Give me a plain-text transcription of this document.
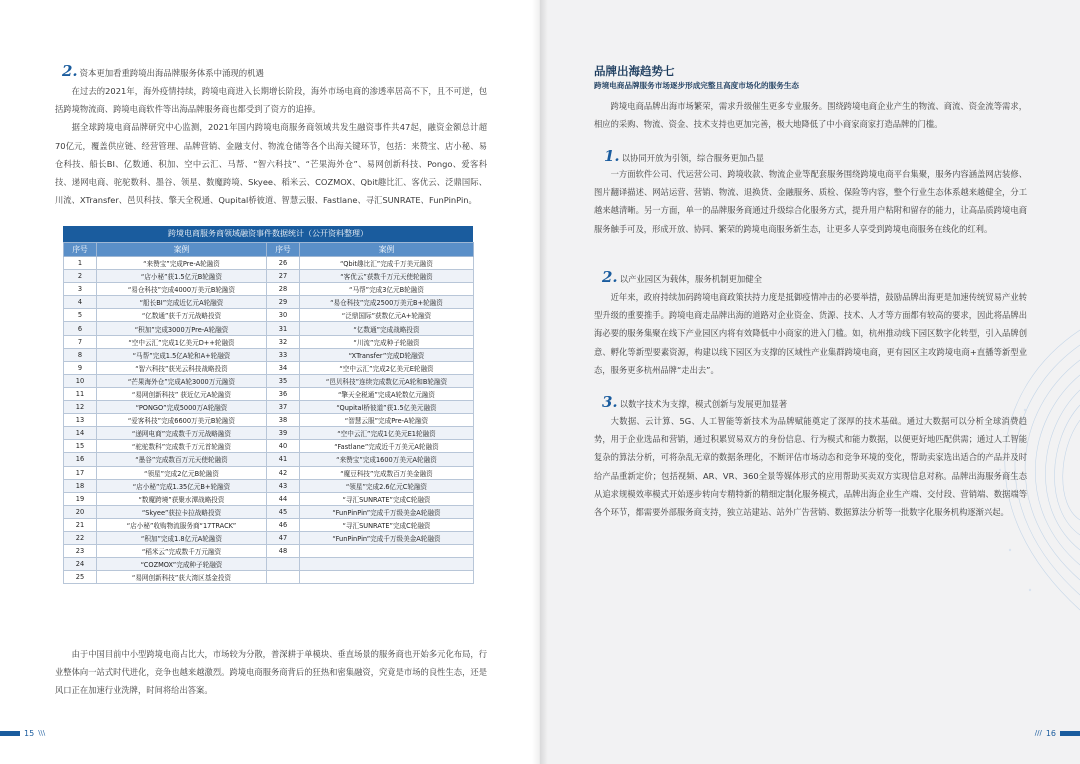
2. 资本更加看重跨境出海品牌服务体系中涌现的机遇

在过去的2021年，海外疫情持续，跨境电商进入长期增长阶段，海外市场电商的渗透率居高不下，且不可逆，包括跨境物流商、跨境电商软件等出海品牌服务商也都受到了资方的追捧。

据全球跨境电商品牌研究中心监测，2021年国内跨境电商服务商领域共发生融资事件共47起，融资金额总计超70亿元，覆盖供应链、经营管理、品牌营销、金融支付、物流仓储等各个出海关键环节，包括：来赞宝、店小秘、易仓科技、船长BI、亿数通、积加、空中云汇、马帮、“智六科技”、“芒果海外仓”、易网创新科技、Pongo、爱客科技、递网电商、驼驼数科、墨谷、领星、数魔跨境、Skyee、稻米云、COZMOX、Qbit趣比汇、客优云、泛鼎国际、川流、XTransfer、邑贝科技、擎天全税通、Qupital桥彼道、智慧云服、Fastlane、寻汇SUNRATE、FunPinPin。

跨境电商服务商领域融资事件数据统计（公开资料整理）
序号	案例	序号	案例
1	“来赞宝”完成Pre-A轮融资	26	“Qbit趣比汇”完成千万美元融资
2	“店小秘”获1.5亿元B轮融资	27	“客优云”获数千万元天使轮融资
3	“易仓科技”完成4000万美元B轮融资	28	“马帮”完成3亿元B轮融资
4	“船长BI”完成近亿元A轮融资	29	“易仓科技”完成2500万美元B+轮融资
5	“亿数通”获千万元战略投资	30	“泛鼎国际”获数亿元A+轮融资
6	“积加”完成3000万Pre-A轮融资	31	“亿数通”完成战略投资
7	“空中云汇”完成1亿美元D++轮融资	32	“川流”完成种子轮融资
8	“马帮”完成1.5亿A轮和A+轮融资	33	“XTransfer”完成D轮融资
9	“智六科技”获光云科技战略投资	34	“空中云汇”完成2亿美元E轮融资
10	“芒果海外仓”完成A轮3000万元融资	35	“邑贝科技”连续完成数亿元A轮和B轮融资
11	“易网创新科技” 获近亿元A轮融资	36	“擎天全税通”完成A轮数亿元融资
12	“PONGO”完成5000万A轮融资	37	“Qupital桥彼道”获1.5亿美元融资
13	“爱客科技”完成6600万美元B轮融资	38	“智慧云服”完成Pre-A轮融资
14	“递网电商”完成数千万元战略融资	39	“空中云汇”完成1亿美元E1轮融资
15	“驼驼数科”完成数千万元首轮融资	40	“Fastlane”完成近千万美元A轮融资
16	“墨谷”完成数百万元天使轮融资	41	“来赞宝”完成1600万美元A轮融资
17	“领星”完成2亿元B轮融资	42	“魔豆科技”完成数百万美金融资
18	“店小秘”完成1.35亿元B+轮融资	43	“领星”完成2.6亿元C轮融资
19	“数魔跨境”获聚水潭战略投资	44	“寻汇SUNRATE”完成C轮融资
20	“Skyee”获拉卡拉战略投资	45	“FunPinPin”完成千万级美金A轮融资
21	“店小秘”收购物流服务商“17TRACK”	46	“寻汇SUNRATE”完成C轮融资
22	“积加”完成1.8亿元A轮融资	47	“FunPinPin”完成千万级美金A轮融资
23	“稻米云”完成数千万元融资	48	
24	“COZMOX”完成种子轮融资		
25	“易网创新科技”获大湾区基金投资		

由于中国目前中小型跨境电商占比大，市场较为分散，普深耕于单模块、垂直场景的服务商也开始多元化布局，行业整体向一站式时代进化，竞争也越来越激烈。跨境电商服务商背后的狂热和密集融资，究竟是市场的良性生态，还是风口正在加速行业洗牌，时间将给出答案。

15 \\\
品牌出海趋势七
跨境电商品牌服务市场逐步形成完整且高度市场化的服务生态

跨境电商品牌出海市场繁荣，需求升级催生更多专业服务。围绕跨境电商企业产生的物流、商流、资金流等需求，相应的采购、物流、资金、技术支持也更加完善，极大地降低了中小商家商家打造品牌的门槛。

1. 以协同开放为引领，综合服务更加凸显

一方面软件公司、代运营公司、跨境收款、物流企业等配套服务围绕跨境电商平台集聚，服务内容涵盖网店装修、图片翻译描述、网站运营、营销、物流、退换货、金融服务、质检、保险等内容，整个行业生态体系越来越健全，分工越来越清晰。另一方面，单一的品牌服务商通过升级综合化服务方式，提升用户粘附和留存的能力，让高品质跨境电商服务触手可及，形成开放、协同、繁荣的跨境电商服务新生态，让更多人享受到跨境电商服务在线化的红利。

2. 以产业园区为载体，服务机制更加健全

近年来，政府持续加码跨境电商政策扶持力度是抵御疫情冲击的必要举措，鼓励品牌出海更是加速传统贸易产业转型升级的重要推手。跨境电商走品牌出海的道路对企业资金、货源、技术、人才等方面都有较高的要求，因此将品牌出海必要的服务集聚在线下产业园区内将有效降低中小商家的进入门槛。如，杭州推动线下园区数字化转型，引入品牌创意、孵化等新型要素资源，构建以线下园区为支撑的区域性产业集群跨境电商，更有园区主攻跨境电商+直播等新型业态，服务更多杭州品牌“走出去”。

3. 以数字技术为支撑，模式创新与发展更加显著

大数据、云计算、5G、人工智能等新技术为品牌赋能奠定了深厚的技术基础。通过大数据可以分析全球消费趋势，用于企业选品和营销，通过积累贸易双方的身份信息、行为模式和能力数据，以便更好地匹配供需；通过人工智能复杂的算法分析，可将杂乱无章的数据条理化，不断评估市场动态和竞争环境的变化，帮助卖家选出适合的产品并及时给产品重新定价；包括视频、AR、VR、360全景等媒体形式的应用帮助买卖双方实现信息对称。品牌出海服务商生态从追求规模效率模式开始逐步转向专精特新的精细定制化服务模式，品牌出海企业生产端、交付段、营销端、数据端等各个环节，都需要外部服务商支持，独立站建站、站外广告营销、数据算法分析等一批数字化服务机构逐渐兴起。

/// 16
